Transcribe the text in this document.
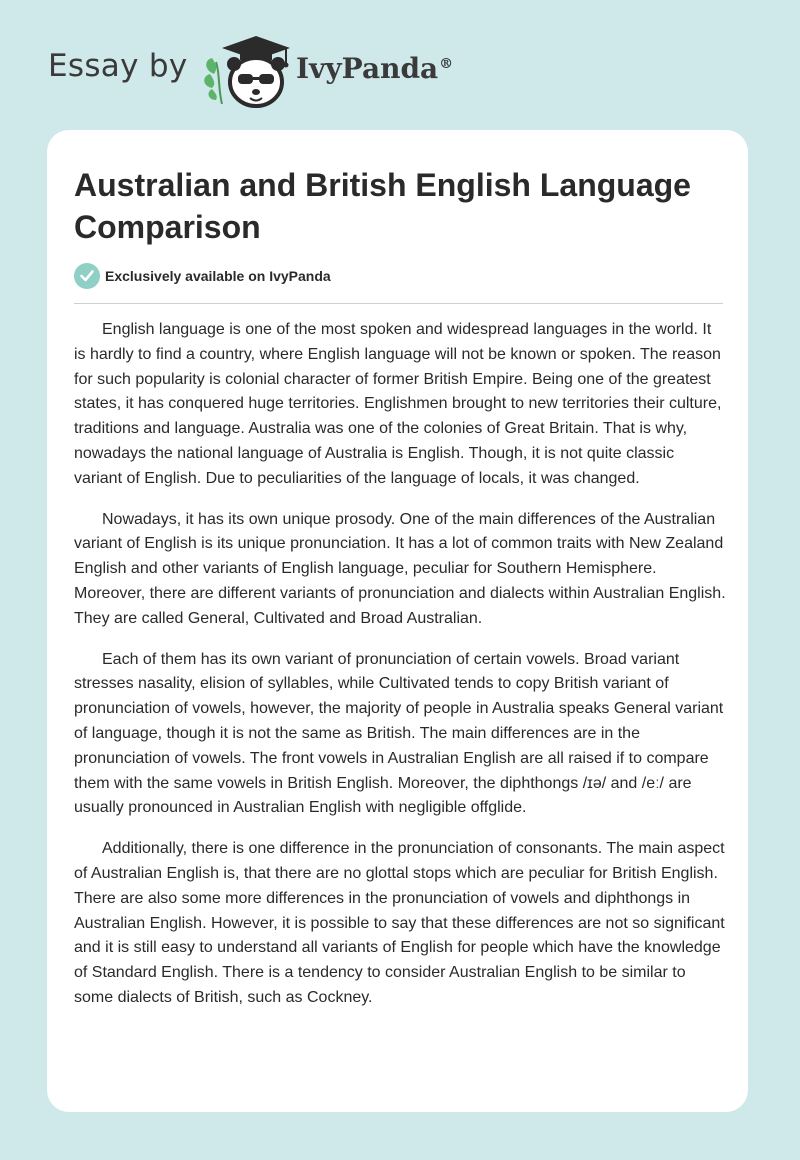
Essay by	IvyPanda®
Australian and British English Language Comparison
Exclusively available on IvyPanda

English language is one of the most spoken and widespread languages in the world. It is hardly to find a country, where English language will not be known or spoken. The reason for such popularity is colonial character of former British Empire. Being one of the greatest states, it has conquered huge territories. Englishmen brought to new territories their culture, traditions and language. Australia was one of the colonies of Great Britain. That is why, nowadays the national language of Australia is English. Though, it is not quite classic variant of English. Due to peculiarities of the language of locals, it was changed.

Nowadays, it has its own unique prosody. One of the main differences of the Australian variant of English is its unique pronunciation. It has a lot of common traits with New Zealand English and other variants of English language, peculiar for Southern Hemisphere. Moreover, there are different variants of pronunciation and dialects within Australian English. They are called General, Cultivated and Broad Australian.

Each of them has its own variant of pronunciation of certain vowels. Broad variant stresses nasality, elision of syllables, while Cultivated tends to copy British variant of pronunciation of vowels, however, the majority of people in Australia speaks General variant of language, though it is not the same as British. The main differences are in the pronunciation of vowels. The front vowels in Australian English are all raised if to compare them with the same vowels in British English. Moreover, the diphthongs /ɪə/ and /eː/ are usually pronounced in Australian English with negligible offglide.

Additionally, there is one difference in the pronunciation of consonants. The main aspect of Australian English is, that there are no glottal stops which are peculiar for British English. There are also some more differences in the pronunciation of vowels and diphthongs in Australian English. However, it is possible to say that these differences are not so significant and it is still easy to understand all variants of English for people which have the knowledge of Standard English. There is a tendency to consider Australian English to be similar to some dialects of British, such as Cockney.
